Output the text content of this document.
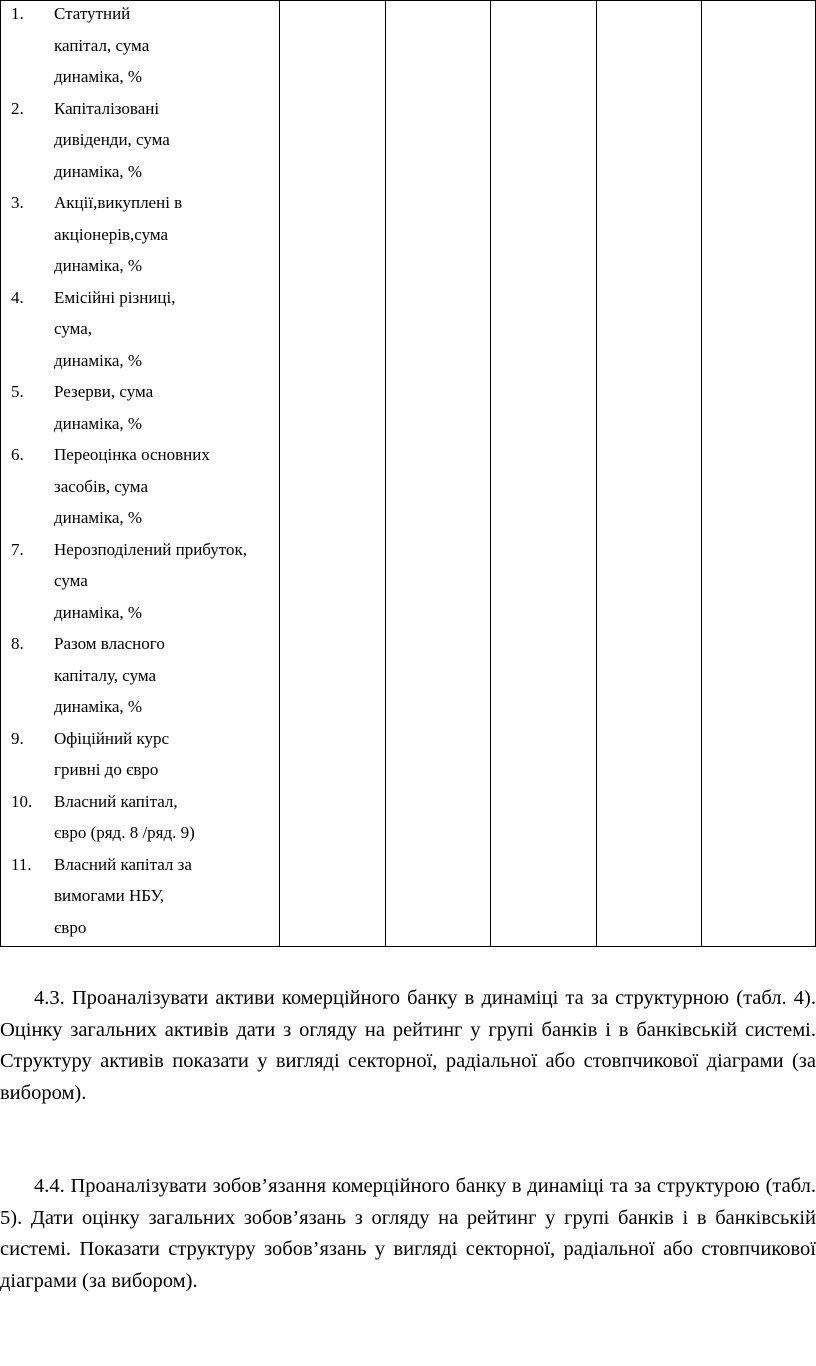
1.	Статутний
капітал, сума
динаміка, %
2.	Капіталізовані
дивіденди, сума
динаміка, %
3.	Акції,викуплені в
акціонерів,сума
динаміка, %
4.	Емісійні різниці,
сума,
динаміка, %
5.	Резерви, сума
динаміка, %
6.	Переоцінка основних
засобів, сума
динаміка, %
7.	Нерозподілений прибуток,
сума
динаміка, %
8.	Разом власного
капіталу, сума
динаміка, %
9.	Офіційний курс
гривні до євро
10.	Власний капітал,
євро (ряд. 8 /ряд. 9)
11.	Власний капітал за
вимогами НБУ,
євро

4.3. Проаналізувати активи комерційного банку в динаміці та за структурною (табл. 4). Оцінку загальних активів дати з огляду на рейтинг у групі банків і в банківській системі. Структуру активів показати у вигляді секторної, радіальної або стовпчикової діаграми (за вибором).
4.4. Проаналізувати зобов’язання комерційного банку в динаміці та за структурою (табл. 5). Дати оцінку загальних зобов’язань з огляду на рейтинг у групі банків і в банківській системі. Показати структуру зобов’язань у вигляді секторної, радіальної або стовпчикової діаграми (за вибором).
